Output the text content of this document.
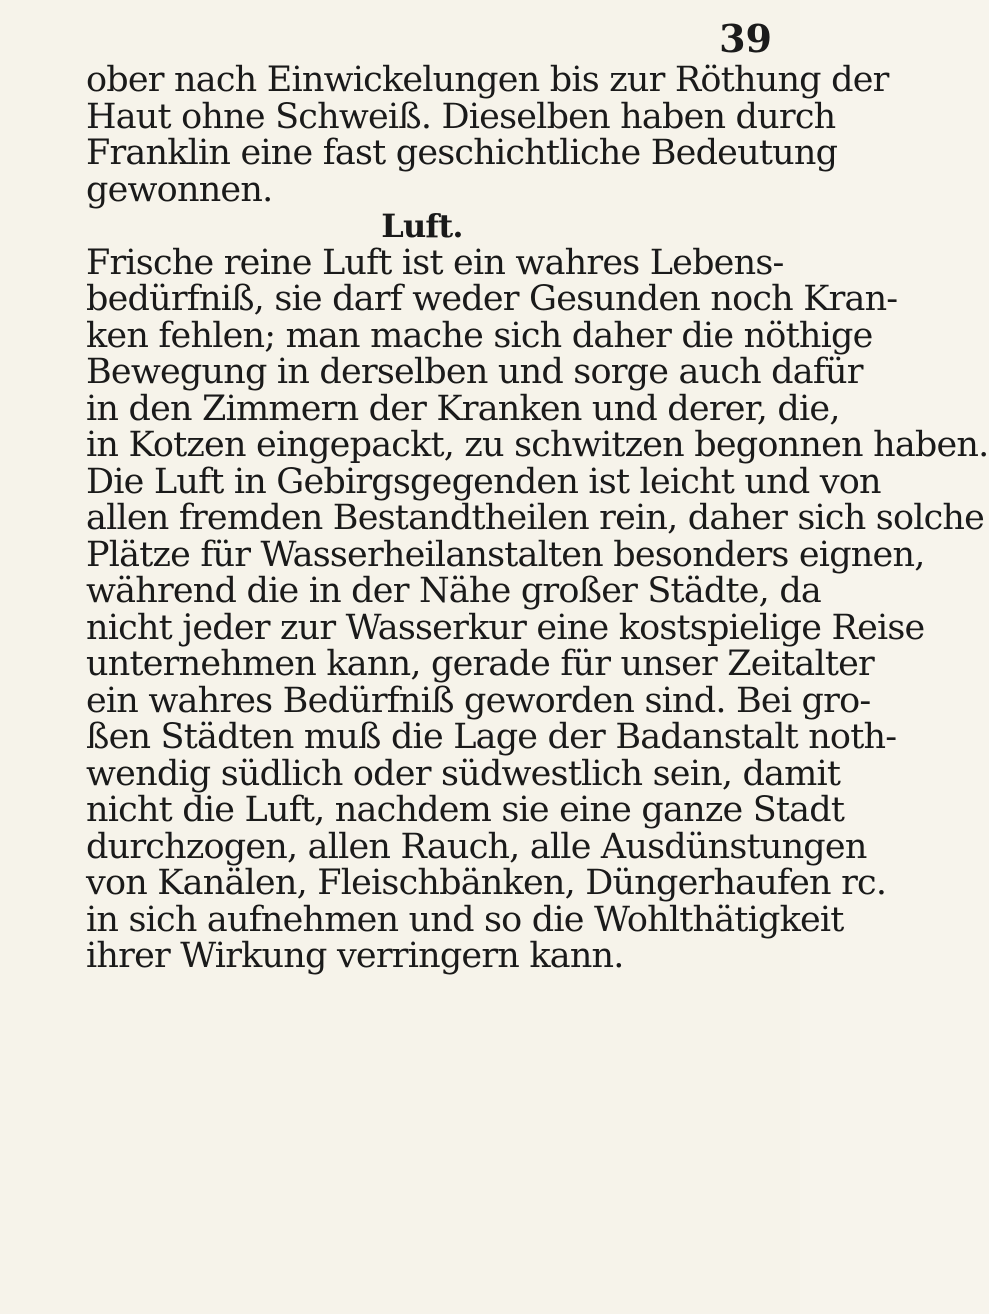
39
ober nach Einwickelungen bis zur Röthung der
Haut ohne Schweiß. Dieselben haben durch
Franklin eine fast geschichtliche Bedeutung
gewonnen.
Luft.
Frische reine Luft ist ein wahres Lebens-
bedürfniß, sie darf weder Gesunden noch Kran-
ken fehlen; man mache sich daher die nöthige
Bewegung in derselben und sorge auch dafür
in den Zimmern der Kranken und derer, die,
in Kotzen eingepackt, zu schwitzen begonnen haben.
Die Luft in Gebirgsgegenden ist leicht und von
allen fremden Bestandtheilen rein, daher sich solche
Plätze für Wasserheilanstalten besonders eignen,
während die in der Nähe großer Städte, da
nicht jeder zur Wasserkur eine kostspielige Reise
unternehmen kann, gerade für unser Zeitalter
ein wahres Bedürfniß geworden sind. Bei gro-
ßen Städten muß die Lage der Badanstalt noth-
wendig südlich oder südwestlich sein, damit
nicht die Luft, nachdem sie eine ganze Stadt
durchzogen, allen Rauch, alle Ausdünstungen
von Kanälen, Fleischbänken, Düngerhaufen rc.
in sich aufnehmen und so die Wohlthätigkeit
ihrer Wirkung verringern kann.
